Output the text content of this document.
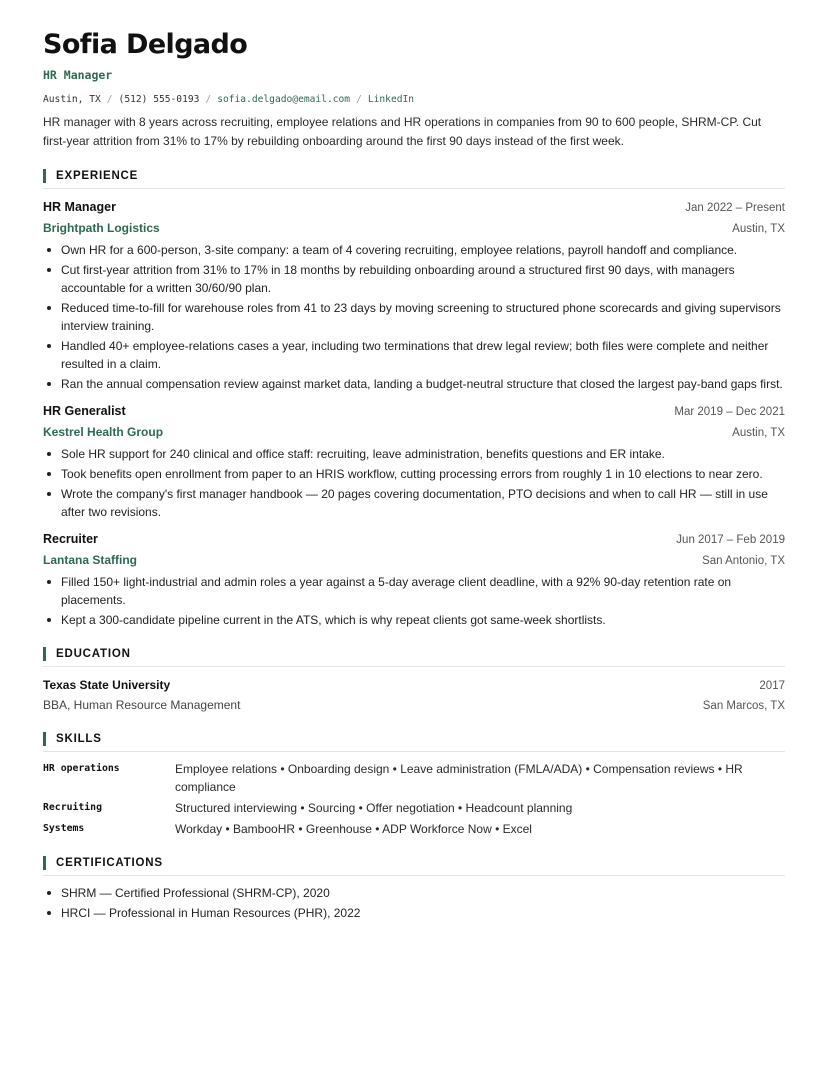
Sofia Delgado
HR Manager
Austin, TX / (512) 555-0193 / sofia.delgado@email.com / LinkedIn

HR manager with 8 years across recruiting, employee relations and HR operations in companies from 90 to 600 people, SHRM-CP. Cut first-year attrition from 31% to 17% by rebuilding onboarding around the first 90 days instead of the first week.

EXPERIENCE
HR Manager	Jan 2022 – Present
Brightpath Logistics	Austin, TX
Own HR for a 600-person, 3-site company: a team of 4 covering recruiting, employee relations, payroll handoff and compliance.
Cut first-year attrition from 31% to 17% in 18 months by rebuilding onboarding around a structured first 90 days, with managers accountable for a written 30/60/90 plan.
Reduced time-to-fill for warehouse roles from 41 to 23 days by moving screening to structured phone scorecards and giving supervisors interview training.
Handled 40+ employee-relations cases a year, including two terminations that drew legal review; both files were complete and neither resulted in a claim.
Ran the annual compensation review against market data, landing a budget-neutral structure that closed the largest pay-band gaps first.
HR Generalist	Mar 2019 – Dec 2021
Kestrel Health Group	Austin, TX
Sole HR support for 240 clinical and office staff: recruiting, leave administration, benefits questions and ER intake.
Took benefits open enrollment from paper to an HRIS workflow, cutting processing errors from roughly 1 in 10 elections to near zero.
Wrote the company's first manager handbook — 20 pages covering documentation, PTO decisions and when to call HR — still in use after two revisions.
Recruiter	Jun 2017 – Feb 2019
Lantana Staffing	San Antonio, TX
Filled 150+ light-industrial and admin roles a year against a 5-day average client deadline, with a 92% 90-day retention rate on placements.
Kept a 300-candidate pipeline current in the ATS, which is why repeat clients got same-week shortlists.
EDUCATION
Texas State University	2017
BBA, Human Resource Management	San Marcos, TX
SKILLS
HR operations	Employee relations • Onboarding design • Leave administration (FMLA/ADA) • Compensation reviews • HR compliance
Recruiting	Structured interviewing • Sourcing • Offer negotiation • Headcount planning
Systems	Workday • BambooHR • Greenhouse • ADP Workforce Now • Excel
CERTIFICATIONS
SHRM — Certified Professional (SHRM-CP), 2020
HRCI — Professional in Human Resources (PHR), 2022
